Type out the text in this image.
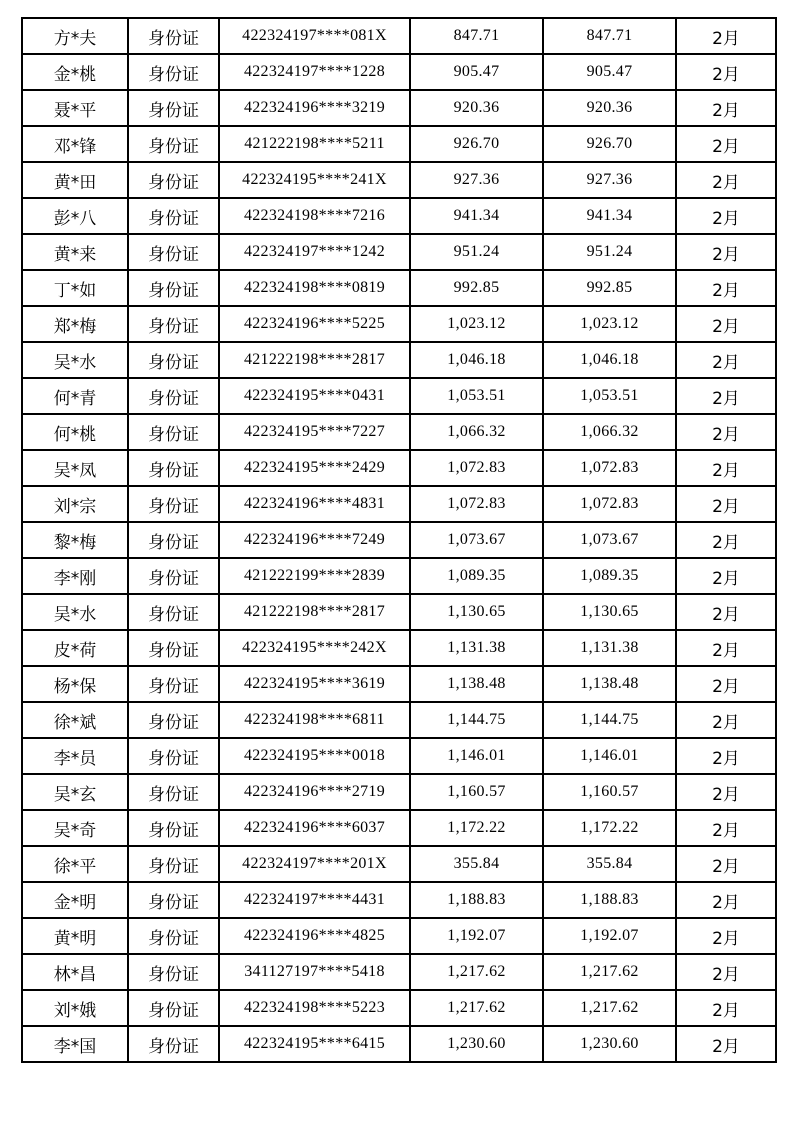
方*夫	身份证	422324197****081X	847.71	847.71	2月
金*桃	身份证	422324197****1228	905.47	905.47	2月
聂*平	身份证	422324196****3219	920.36	920.36	2月
邓*锋	身份证	421222198****5211	926.70	926.70	2月
黄*田	身份证	422324195****241X	927.36	927.36	2月
彭*八	身份证	422324198****7216	941.34	941.34	2月
黄*来	身份证	422324197****1242	951.24	951.24	2月
丁*如	身份证	422324198****0819	992.85	992.85	2月
郑*梅	身份证	422324196****5225	1,023.12	1,023.12	2月
吴*水	身份证	421222198****2817	1,046.18	1,046.18	2月
何*青	身份证	422324195****0431	1,053.51	1,053.51	2月
何*桃	身份证	422324195****7227	1,066.32	1,066.32	2月
吴*凤	身份证	422324195****2429	1,072.83	1,072.83	2月
刘*宗	身份证	422324196****4831	1,072.83	1,072.83	2月
黎*梅	身份证	422324196****7249	1,073.67	1,073.67	2月
李*刚	身份证	421222199****2839	1,089.35	1,089.35	2月
吴*水	身份证	421222198****2817	1,130.65	1,130.65	2月
皮*荷	身份证	422324195****242X	1,131.38	1,131.38	2月
杨*保	身份证	422324195****3619	1,138.48	1,138.48	2月
徐*斌	身份证	422324198****6811	1,144.75	1,144.75	2月
李*员	身份证	422324195****0018	1,146.01	1,146.01	2月
吴*玄	身份证	422324196****2719	1,160.57	1,160.57	2月
吴*奇	身份证	422324196****6037	1,172.22	1,172.22	2月
徐*平	身份证	422324197****201X	355.84	355.84	2月
金*明	身份证	422324197****4431	1,188.83	1,188.83	2月
黄*明	身份证	422324196****4825	1,192.07	1,192.07	2月
林*昌	身份证	341127197****5418	1,217.62	1,217.62	2月
刘*娥	身份证	422324198****5223	1,217.62	1,217.62	2月
李*国	身份证	422324195****6415	1,230.60	1,230.60	2月
